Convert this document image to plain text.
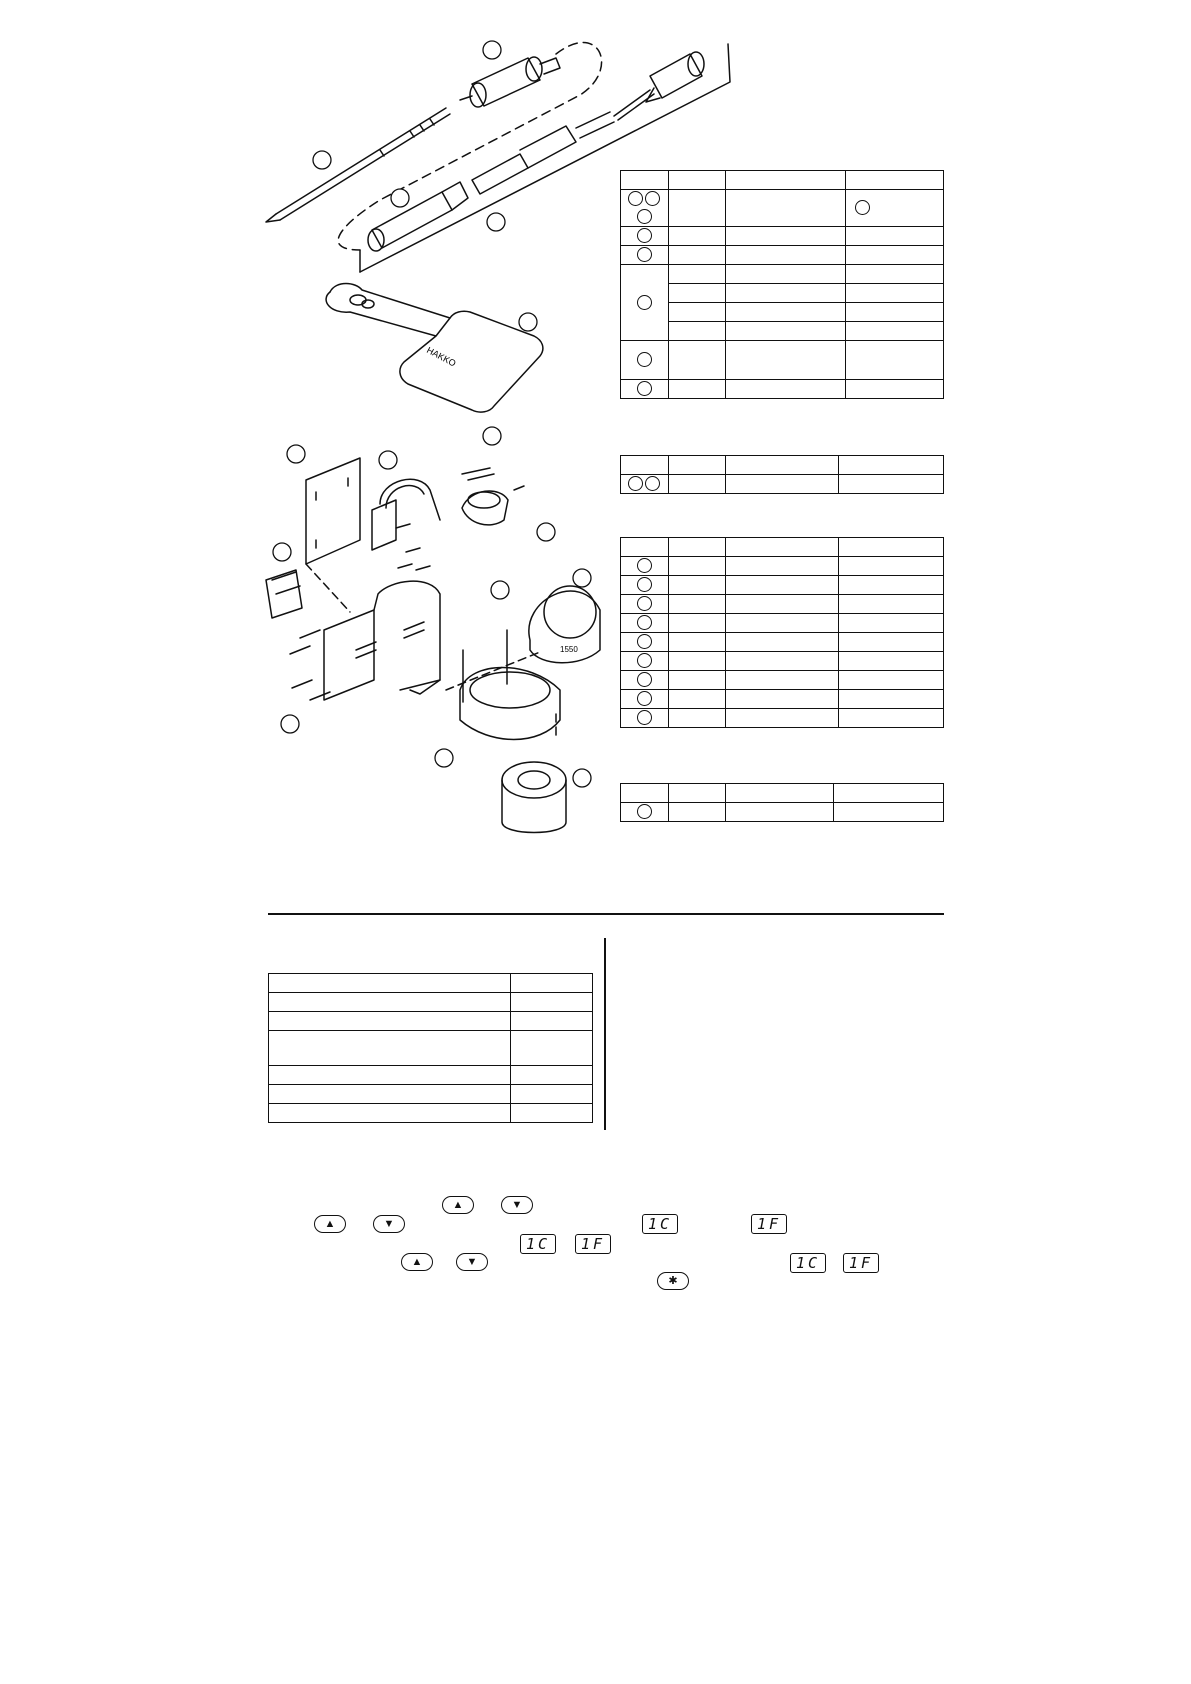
HAKKO
1550

▲	▼
▲	▼	1C	1F
1C	1F
▲	▼	1C	1F
✱
